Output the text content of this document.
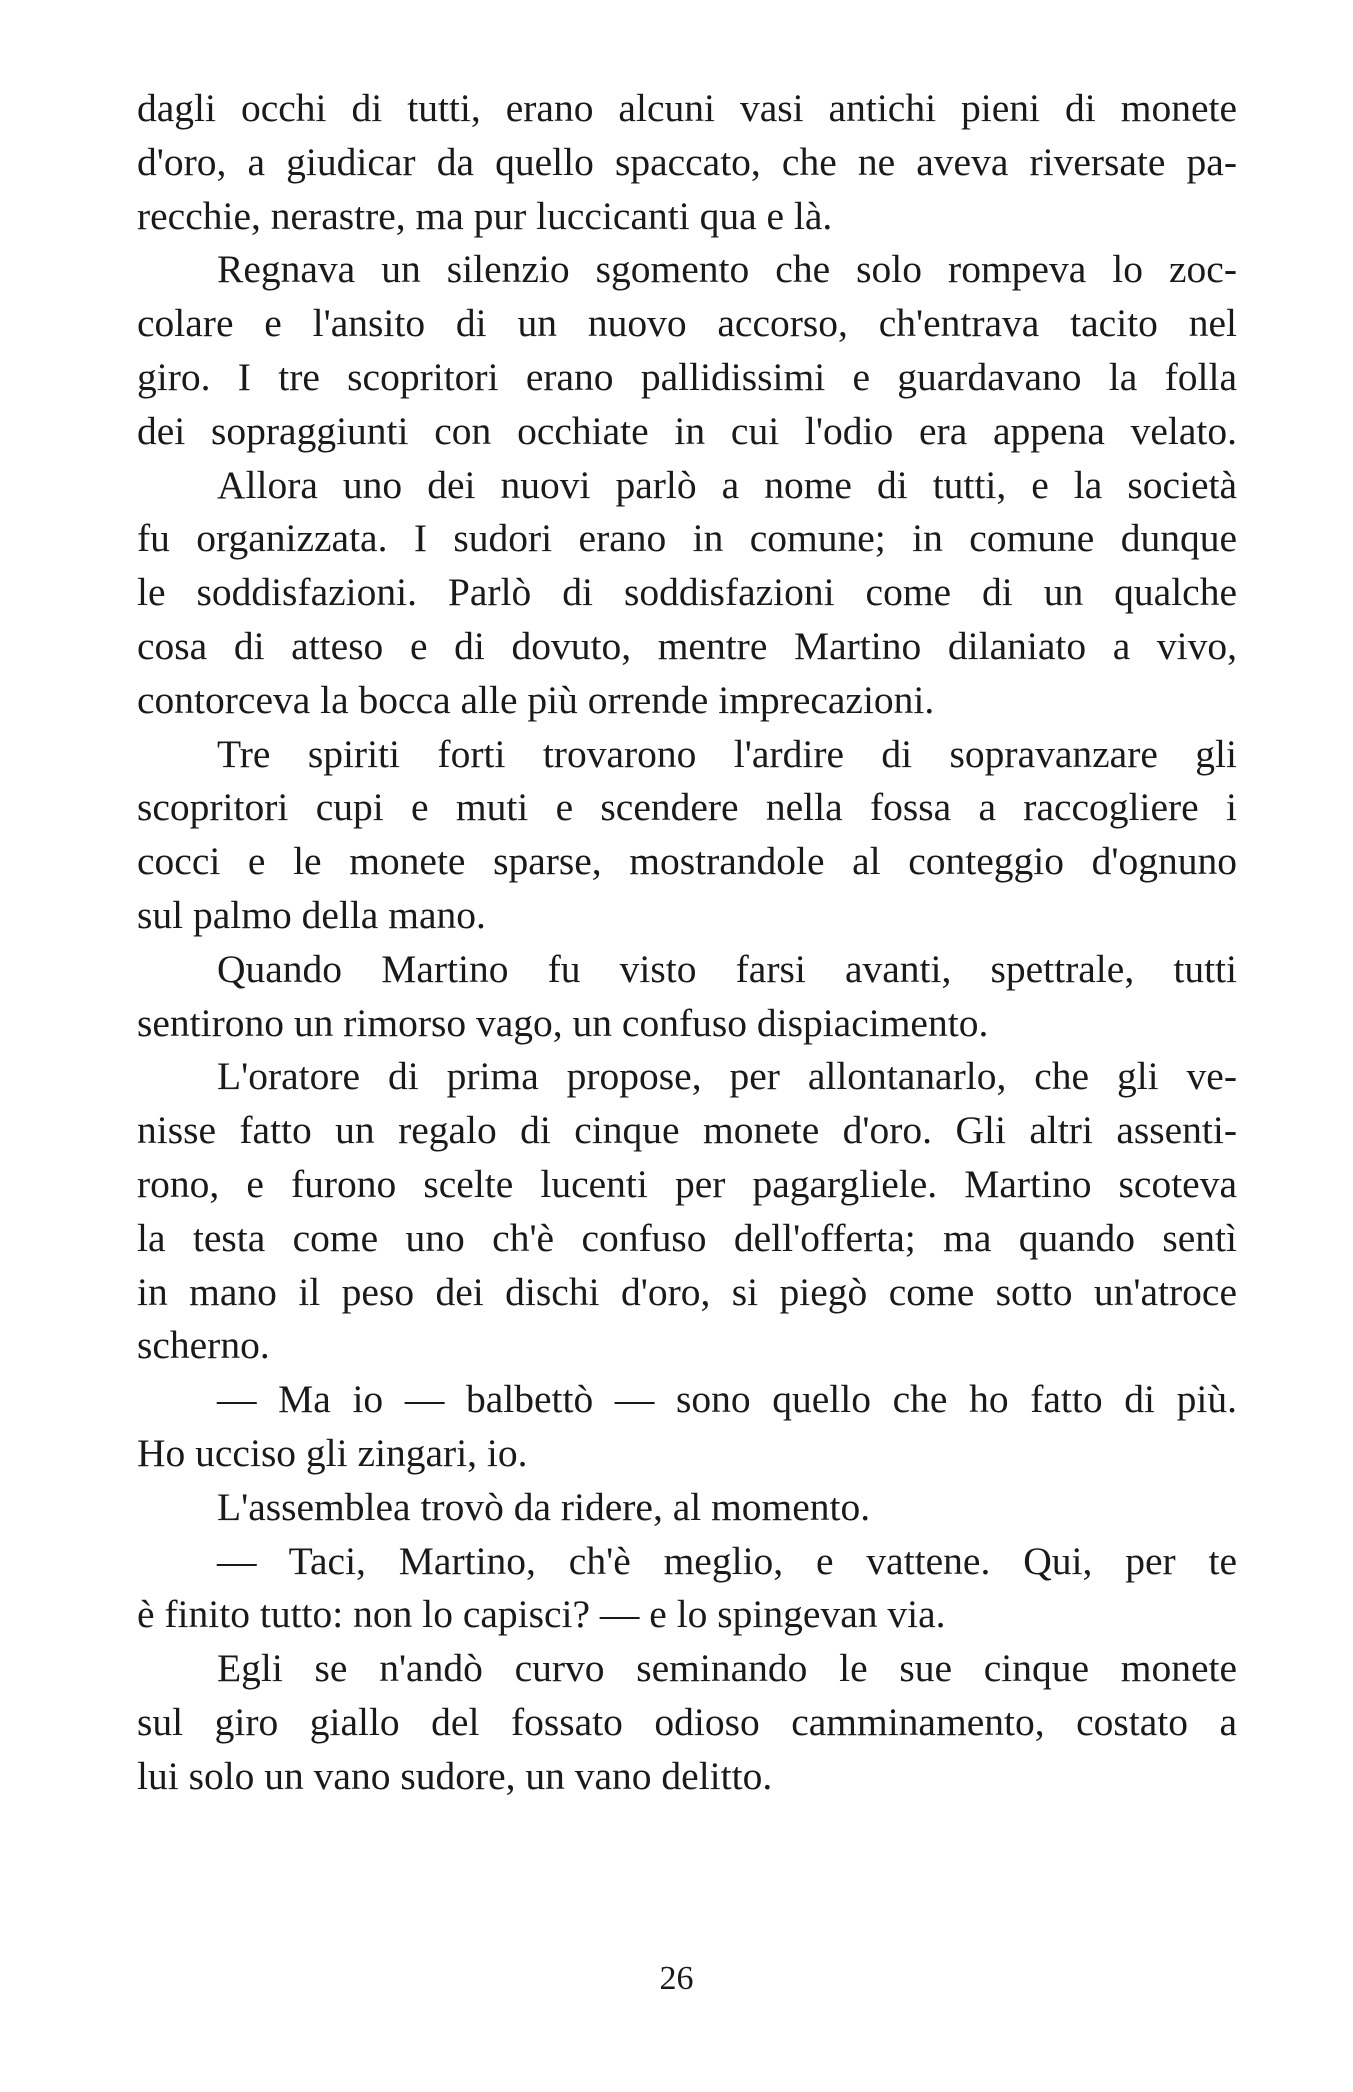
dagli occhi di tutti, erano alcuni vasi antichi pieni di monete
d'oro, a giudicar da quello spaccato, che ne aveva riversate pa-
recchie, nerastre, ma pur luccicanti qua e là.

Regnava un silenzio sgomento che solo rompeva lo zoc-
colare e l'ansito di un nuovo accorso, ch'entrava tacito nel
giro. I tre scopritori erano pallidissimi e guardavano la folla
dei sopraggiunti con occhiate in cui l'odio era appena velato.

Allora uno dei nuovi parlò a nome di tutti, e la società
fu organizzata. I sudori erano in comune; in comune dunque
le soddisfazioni. Parlò di soddisfazioni come di un qualche
cosa di atteso e di dovuto, mentre Martino dilaniato a vivo,
contorceva la bocca alle più orrende imprecazioni.

Tre spiriti forti trovarono l'ardire di sopravanzare gli
scopritori cupi e muti e scendere nella fossa a raccogliere i
cocci e le monete sparse, mostrandole al conteggio d'ognuno
sul palmo della mano.

Quando Martino fu visto farsi avanti, spettrale, tutti
sentirono un rimorso vago, un confuso dispiacimento.

L'oratore di prima propose, per allontanarlo, che gli ve-
nisse fatto un regalo di cinque monete d'oro. Gli altri assenti-
rono, e furono scelte lucenti per pagargliele. Martino scoteva
la testa come uno ch'è confuso dell'offerta; ma quando sentì
in mano il peso dei dischi d'oro, si piegò come sotto un'atroce
scherno.

— Ma io — balbettò — sono quello che ho fatto di più.
Ho ucciso gli zingari, io.

L'assemblea trovò da ridere, al momento.

— Taci, Martino, ch'è meglio, e vattene. Qui, per te
è finito tutto: non lo capisci? — e lo spingevan via.

Egli se n'andò curvo seminando le sue cinque monete
sul giro giallo del fossato odioso camminamento, costato a
lui solo un vano sudore, un vano delitto.

26
